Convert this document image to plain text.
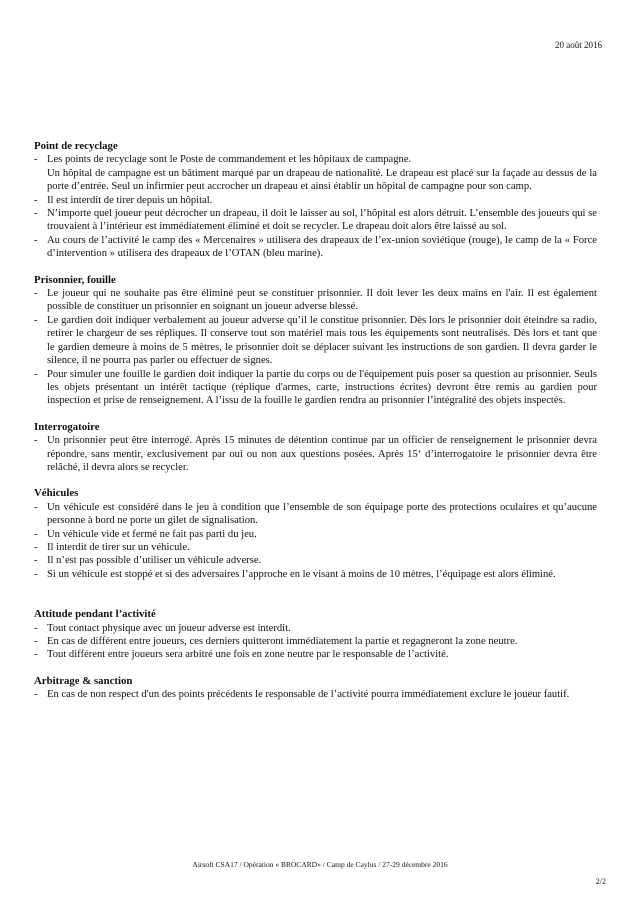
20 août 2016
Point de recyclage
- Les points de recyclage sont le Poste de commandement et les hôpitaux de campagne.
Un hôpital de campagne est un bâtiment marqué par un drapeau de nationalité. Le drapeau est placé sur la façade au dessus de la porte d’entrée. Seul un infirmier peut accrocher un drapeau et ainsi établir un hôpital de campagne pour son camp.
- Il est interdit de tirer depuis un hôpital.
- N’importe quel joueur peut décrocher un drapeau, il doit le laisser au sol, l’hôpital est alors détruit. L’ensemble des joueurs qui se trouvaient à l’intérieur est immédiatement éliminé et doit se recycler. Le drapeau doit alors être laissé au sol.
- Au cours de l’activité le camp des « Mercenaires » utilisera des drapeaux de l’ex-union soviétique (rouge), le camp de la « Force d’intervention » utilisera des drapeaux de l’OTAN (bleu marine).
Prisonnier, fouille
- Le joueur qui ne souhaite pas être éliminé peut se constituer prisonnier. Il doit lever les deux mains en l'air. Il est également possible de constituer un prisonnier en soignant un joueur adverse blessé.
- Le gardien doit indiquer verbalement au joueur adverse qu’il le constitue prisonnier. Dès lors le prisonnier doit éteindre sa radio, retirer le chargeur de ses répliques. Il conserve tout son matériel mais tous les équipements sont neutralisés. Dès lors et tant que le gardien demeure à moins de 5 mètres, le prisonnier doit se déplacer suivant les instructions de son gardien. Il devra garder le silence, il ne pourra pas parler ou effectuer de signes.
- Pour simuler une fouille le gardien doit indiquer la partie du corps ou de l'équipement puis poser sa question au prisonnier. Seuls les objets présentant un intérêt tactique (réplique d'armes, carte, instructions écrites) devront être remis au gardien pour inspection et prise de renseignement. A l’issu de la fouille le gardien rendra au prisonnier l’intégralité des objets inspectés.
Interrogatoire
- Un prisonnier peut être interrogé. Après 15 minutes de détention continue par un officier de renseignement le prisonnier devra répondre, sans mentir, exclusivement par oui ou non aux questions posées. Après 15‘ d’interrogatoire le prisonnier devra être relâché, il devra alors se recycler.
Véhicules
- Un véhicule est considéré dans le jeu à condition que l’ensemble de son équipage porte des protections oculaires et qu’aucune personne à bord ne porte un gilet de signalisation.
- Un véhicule vide et fermé ne fait pas parti du jeu.
- Il interdit de tirer sur un véhicule.
- Il n’est pas possible d’utiliser un véhicule adverse.
- Si un véhicule est stoppé et si des adversaires l’approche en le visant à moins de 10 mètres, l’équipage est alors éliminé.
Attitude pendant l’activité
- Tout contact physique avec un joueur adverse est interdit.
- En cas de différent entre joueurs, ces derniers quitteront immédiatement la partie et regagneront la zone neutre.
- Tout différent entre joueurs sera arbitré une fois en zone neutre par le responsable de l’activité.
Arbitrage & sanction
- En cas de non respect d'un des points précédents le responsable de l’activité pourra immédiatement exclure le joueur fautif.
Airsoft CSA17 / Opération « BROCARD» / Camp de Caylus / 27-29 décembre 2016
2/2
